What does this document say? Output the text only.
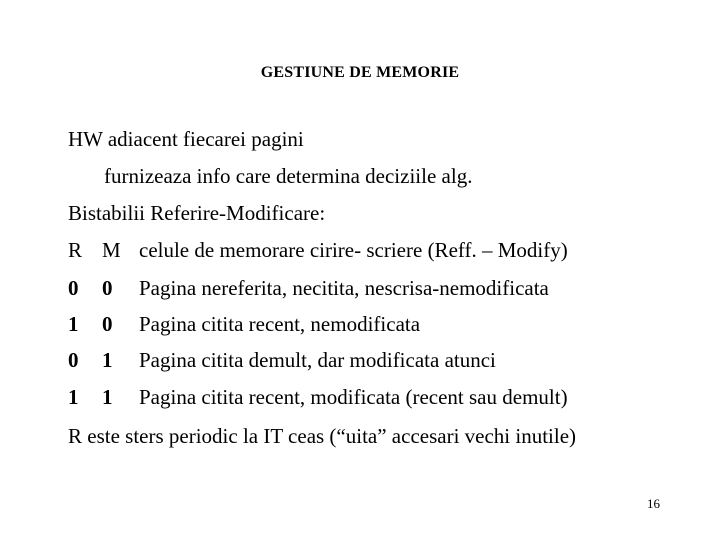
GESTIUNE DE MEMORIE
HW adiacent fiecarei pagini
furnizeaza info care determina deciziile alg.
Bistabilii Referire-Modificare:
R M celule de memorare cirire- scriere (Reff. – Modify)
0 0 Pagina nereferita, necitita, nescrisa-nemodificata
1 0 Pagina citita recent, nemodificata
0 1 Pagina citita demult, dar modificata atunci
1 1 Pagina citita recent, modificata (recent sau demult)
R este sters periodic la IT ceas (“uita” accesari vechi inutile)
16
